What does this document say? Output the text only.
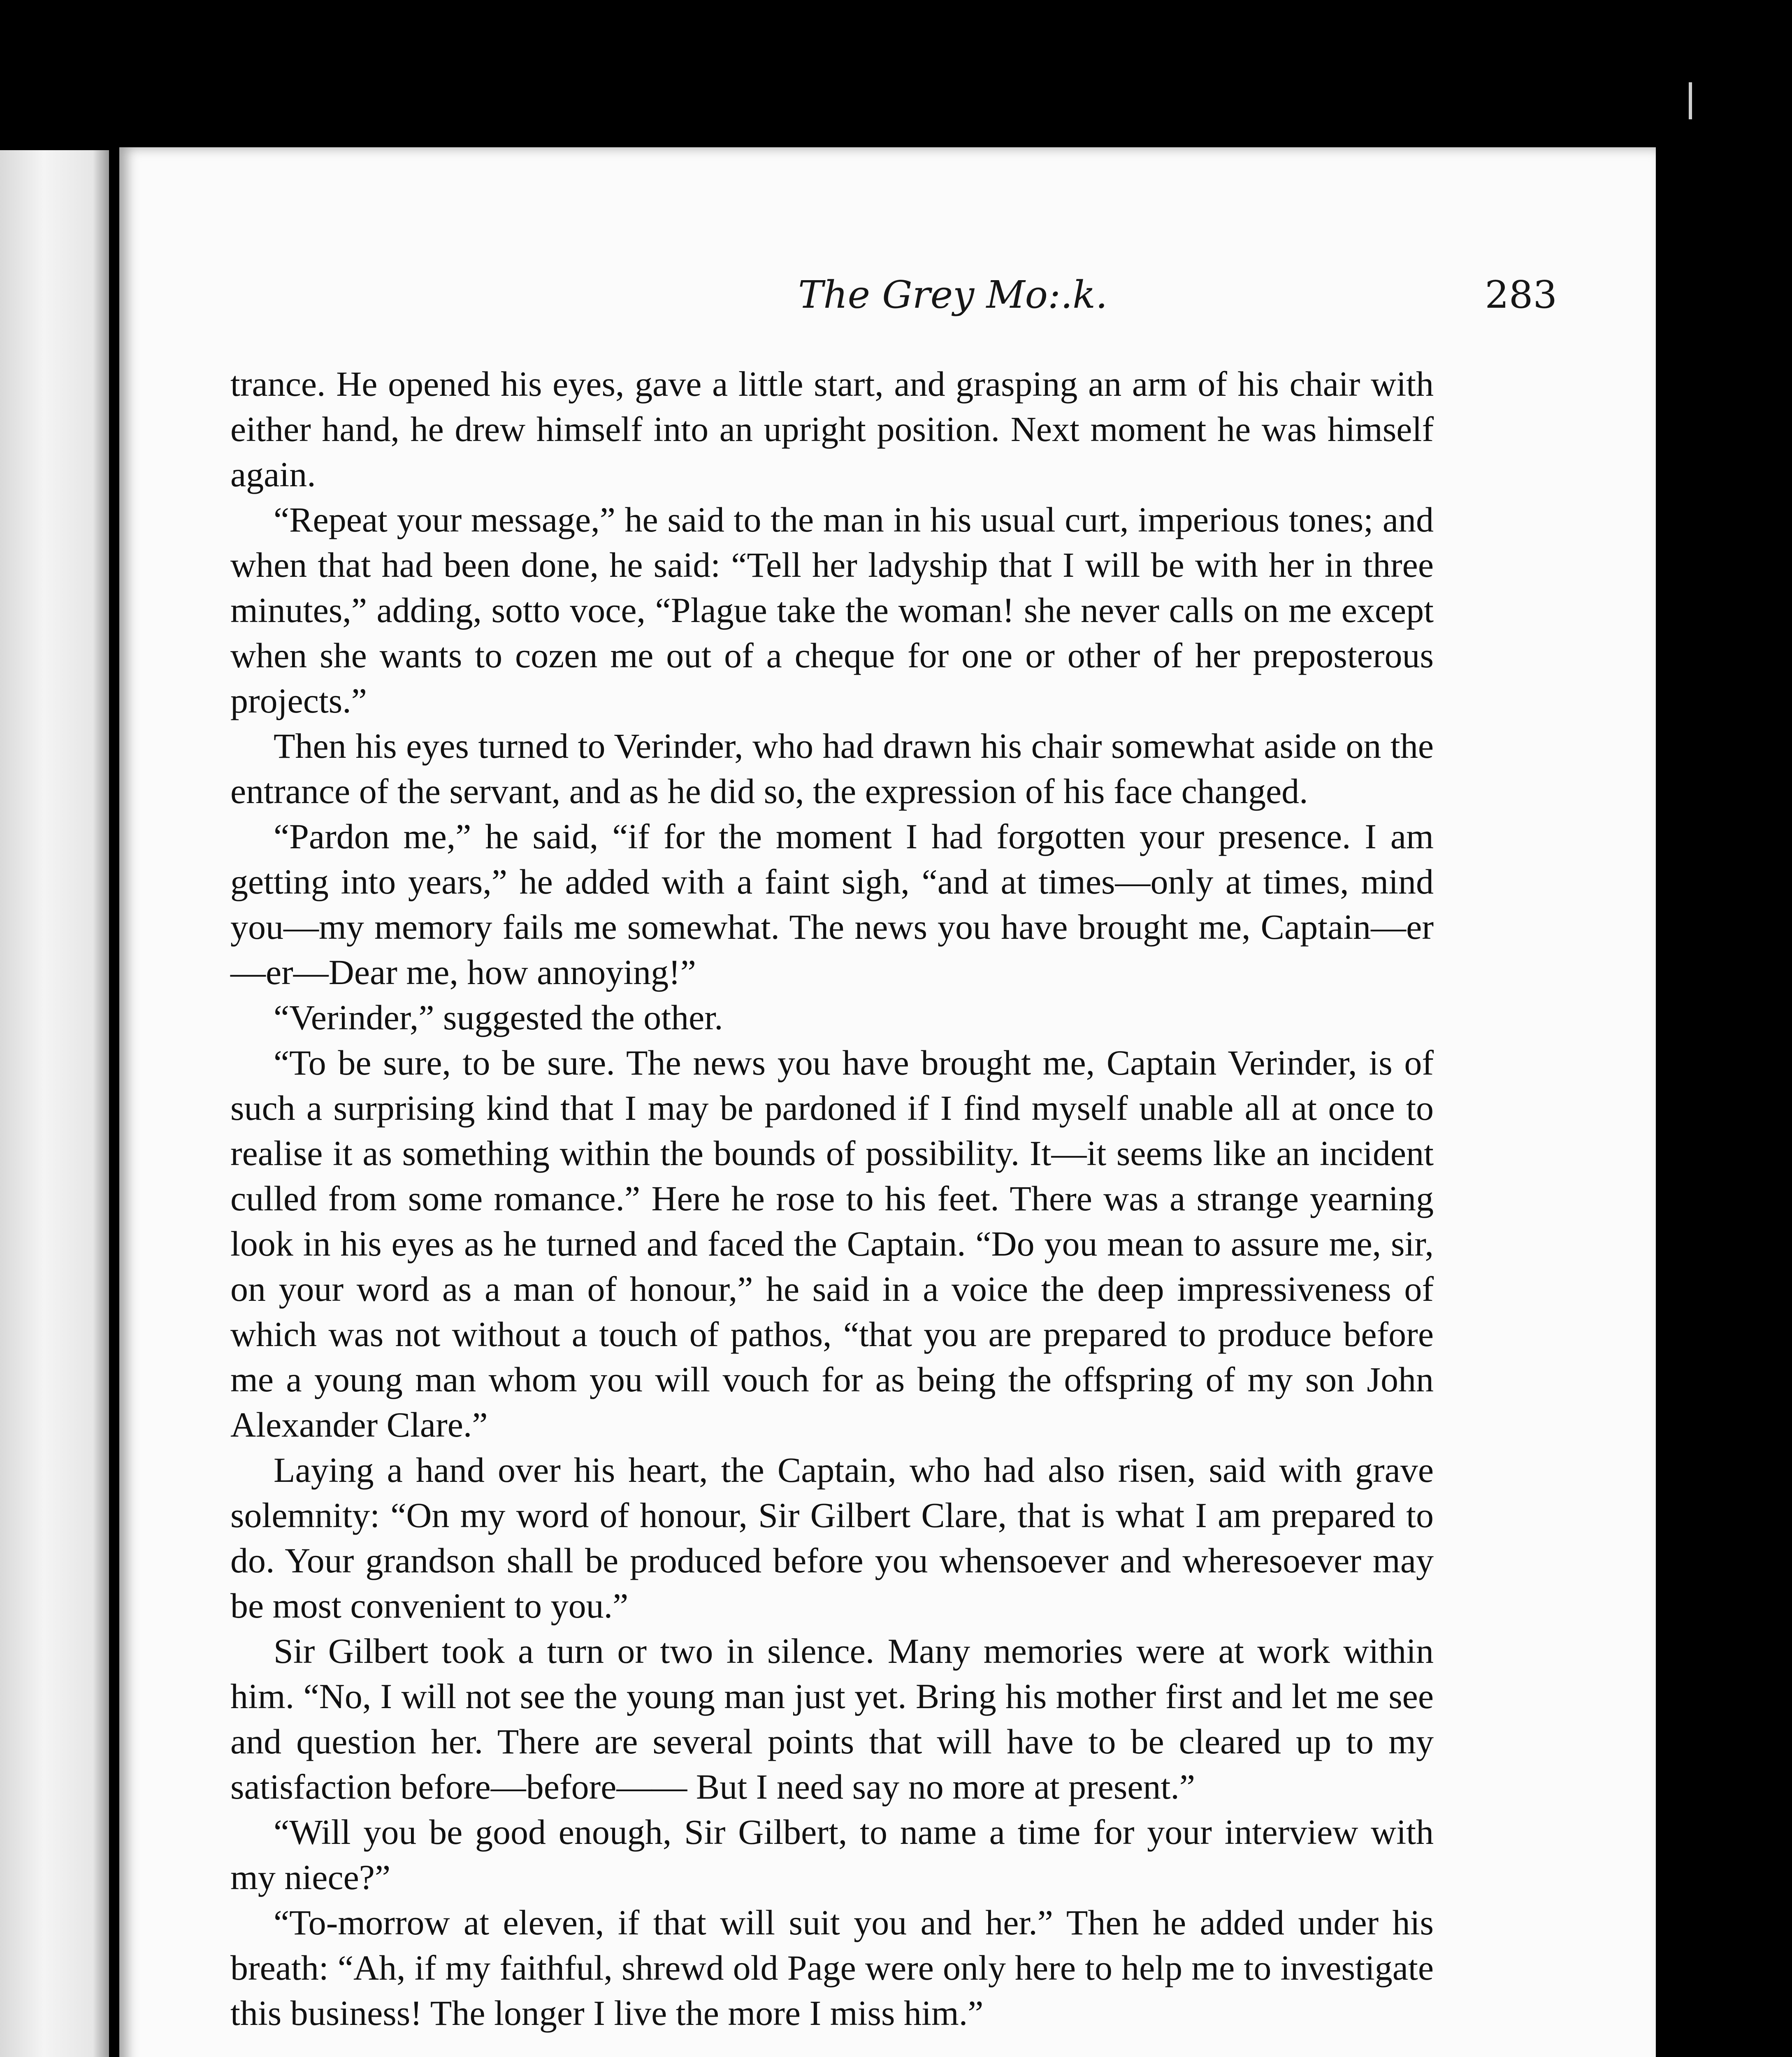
The Grey Mo:.k.	283

trance. He opened his eyes, gave a little start, and grasping an arm of his chair with either hand, he drew himself into an upright position. Next moment he was himself again.

“Repeat your message,” he said to the man in his usual curt, imperious tones; and when that had been done, he said: “Tell her ladyship that I will be with her in three minutes,” adding, sotto voce, “Plague take the woman! she never calls on me except when she wants to cozen me out of a cheque for one or other of her preposterous projects.”

Then his eyes turned to Verinder, who had drawn his chair somewhat aside on the entrance of the servant, and as he did so, the expression of his face changed.

“Pardon me,” he said, “if for the moment I had forgotten your presence. I am getting into years,” he added with a faint sigh, “and at times—only at times, mind you—my memory fails me somewhat. The news you have brought me, Captain—er—er—Dear me, how annoying!”

“Verinder,” suggested the other.

“To be sure, to be sure. The news you have brought me, Captain Verinder, is of such a surprising kind that I may be pardoned if I find myself unable all at once to realise it as something within the bounds of possibility. It—it seems like an incident culled from some romance.” Here he rose to his feet. There was a strange yearning look in his eyes as he turned and faced the Captain. “Do you mean to assure me, sir, on your word as a man of honour,” he said in a voice the deep impressiveness of which was not without a touch of pathos, “that you are prepared to produce before me a young man whom you will vouch for as being the offspring of my son John Alexander Clare.”

Laying a hand over his heart, the Captain, who had also risen, said with grave solemnity: “On my word of honour, Sir Gilbert Clare, that is what I am prepared to do. Your grandson shall be produced before you whensoever and wheresoever may be most convenient to you.”

Sir Gilbert took a turn or two in silence. Many memories were at work within him. “No, I will not see the young man just yet. Bring his mother first and let me see and question her. There are several points that will have to be cleared up to my satisfaction before—before—— But I need say no more at present.”

“Will you be good enough, Sir Gilbert, to name a time for your interview with my niece?”

“To-morrow at eleven, if that will suit you and her.” Then he added under his breath: “Ah, if my faithful, shrewd old Page were only here to help me to investigate this business! The longer I live the more I miss him.”
